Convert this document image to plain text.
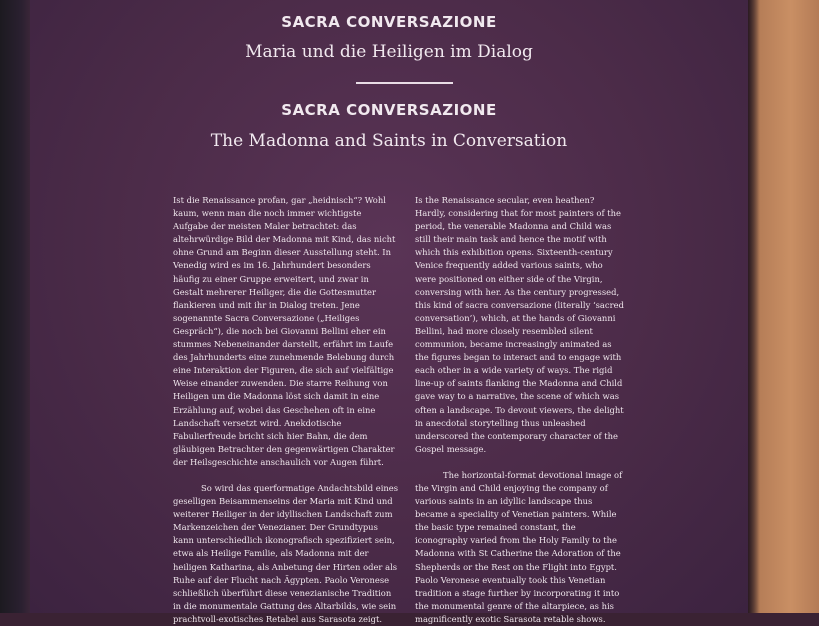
SACRA CONVERSAZIONE
Maria und die Heiligen im Dialog
SACRA CONVERSAZIONE
The Madonna and Saints in Conversation

Ist die Renaissance profan, gar „heidnisch“? Wohl kaum, wenn man die noch immer wichtigste Aufgabe der meisten Maler betrachtet: das altehrwürdige Bild der Madonna mit Kind, das nicht ohne Grund am Beginn dieser Ausstellung steht. In Venedig wird es im 16. Jahrhundert besonders häufig zu einer Gruppe erweitert, und zwar in Gestalt mehrerer Heiliger, die die Gottesmutter flankieren und mit ihr in Dialog treten. Jene sogenannte Sacra Conversazione („Heiliges Gespräch“), die noch bei Giovanni Bellini eher ein stummes Nebeneinander darstellt, erfährt im Laufe des Jahrhunderts eine zunehmende Belebung durch eine Interaktion der Figuren, die sich auf vielfältige Weise einander zuwenden. Die starre Reihung von Heiligen um die Madonna löst sich damit in eine Erzählung auf, wobei das Geschehen oft in eine Landschaft versetzt wird. Anekdotische Fabulierfreude bricht sich hier Bahn, die dem gläubigen Betrachter den gegenwärtigen Charakter der Heilsgeschichte anschaulich vor Augen führt.

So wird das querformatige Andachtsbild eines geselligen Beisammenseins der Maria mit Kind und weiterer Heiliger in der idyllischen Landschaft zum Markenzeichen der Venezianer. Der Grundtypus kann unterschiedlich ikonografisch spezifiziert sein, etwa als Heilige Familie, als Madonna mit der heiligen Katharina, als Anbetung der Hirten oder als Ruhe auf der Flucht nach Ägypten. Paolo Veronese schließlich überführt diese venezianische Tradition in die monumentale Gattung des Altarbilds, wie sein prachtvoll-exotisches Retabel aus Sarasota zeigt.

Is the Renaissance secular, even heathen? Hardly, considering that for most painters of the period, the venerable Madonna and Child was still their main task and hence the motif with which this exhibition opens. Sixteenth-century Venice frequently added various saints, who were positioned on either side of the Virgin, conversing with her. As the century progressed, this kind of sacra conversazione (literally ‘sacred conversation’), which, at the hands of Giovanni Bellini, had more closely resembled silent communion, became increasingly animated as the figures began to interact and to engage with each other in a wide variety of ways. The rigid line-up of saints flanking the Madonna and Child gave way to a narrative, the scene of which was often a landscape. To devout viewers, the delight in anecdotal storytelling thus unleashed underscored the contemporary character of the Gospel message.

The horizontal-format devotional image of the Virgin and Child enjoying the company of various saints in an idyllic landscape thus became a speciality of Venetian painters. While the basic type remained constant, the iconography varied from the Holy Family to the Madonna with St Catherine the Adoration of the Shepherds or the Rest on the Flight into Egypt. Paolo Veronese eventually took this Venetian tradition a stage further by incorporating it into the monumental genre of the altarpiece, as his magnificently exotic Sarasota retable shows.
